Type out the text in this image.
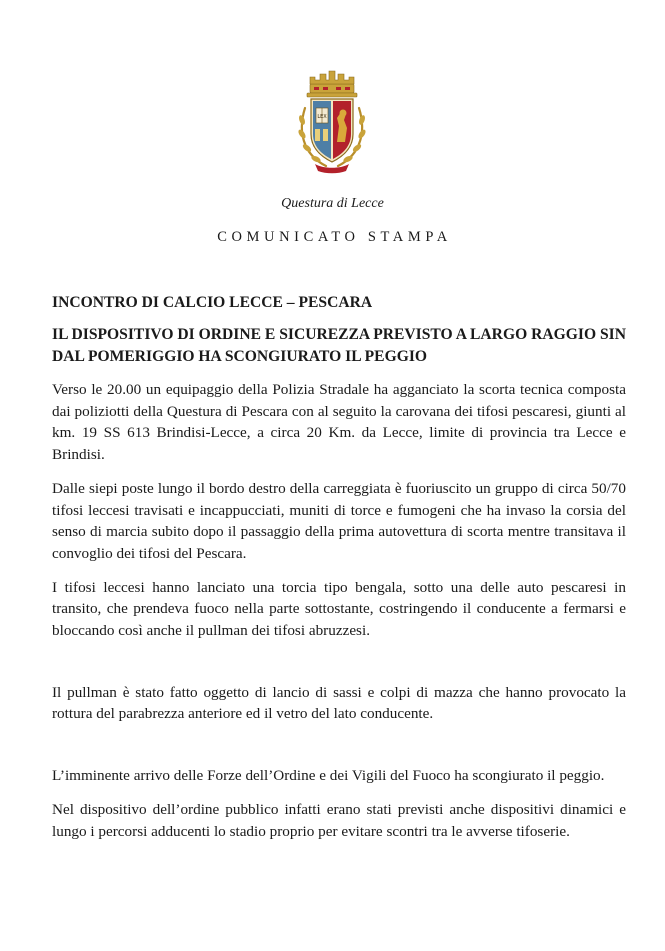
LEX
Questura di Lecce
COMUNICATO STAMPA

INCONTRO DI CALCIO LECCE – PESCARA

IL DISPOSITIVO DI ORDINE E SICUREZZA PREVISTO A LARGO RAGGIO SIN DAL POMERIGGIO HA SCONGIURATO IL PEGGIO

Verso le 20.00 un equipaggio della Polizia Stradale ha agganciato la scorta tecnica composta dai poliziotti della Questura di Pescara con al seguito la carovana dei tifosi pescaresi, giunti al km. 19 SS 613 Brindisi-Lecce, a circa 20 Km. da Lecce, limite di provincia tra Lecce e Brindisi.

Dalle siepi poste lungo il bordo destro della carreggiata è fuoriuscito un gruppo di circa 50/70 tifosi leccesi travisati e incappucciati, muniti di torce e fumogeni che ha invaso la corsia del senso di marcia subito dopo il passaggio della prima autovettura di scorta mentre transitava il convoglio dei tifosi del Pescara.

I tifosi leccesi hanno lanciato una torcia tipo bengala, sotto una delle auto pescaresi in transito, che prendeva fuoco nella parte sottostante, costringendo il conducente a fermarsi e bloccando così anche il pullman dei tifosi abruzzesi.

Il pullman è stato fatto oggetto di lancio di sassi e colpi di mazza che hanno provocato la rottura del parabrezza anteriore ed il vetro del lato conducente.

L’imminente arrivo delle Forze dell’Ordine e dei Vigili del Fuoco ha scongiurato il peggio.

Nel dispositivo dell’ordine pubblico infatti erano stati previsti anche dispositivi dinamici e lungo i percorsi adducenti lo stadio proprio per evitare scontri tra le avverse tifoserie.
